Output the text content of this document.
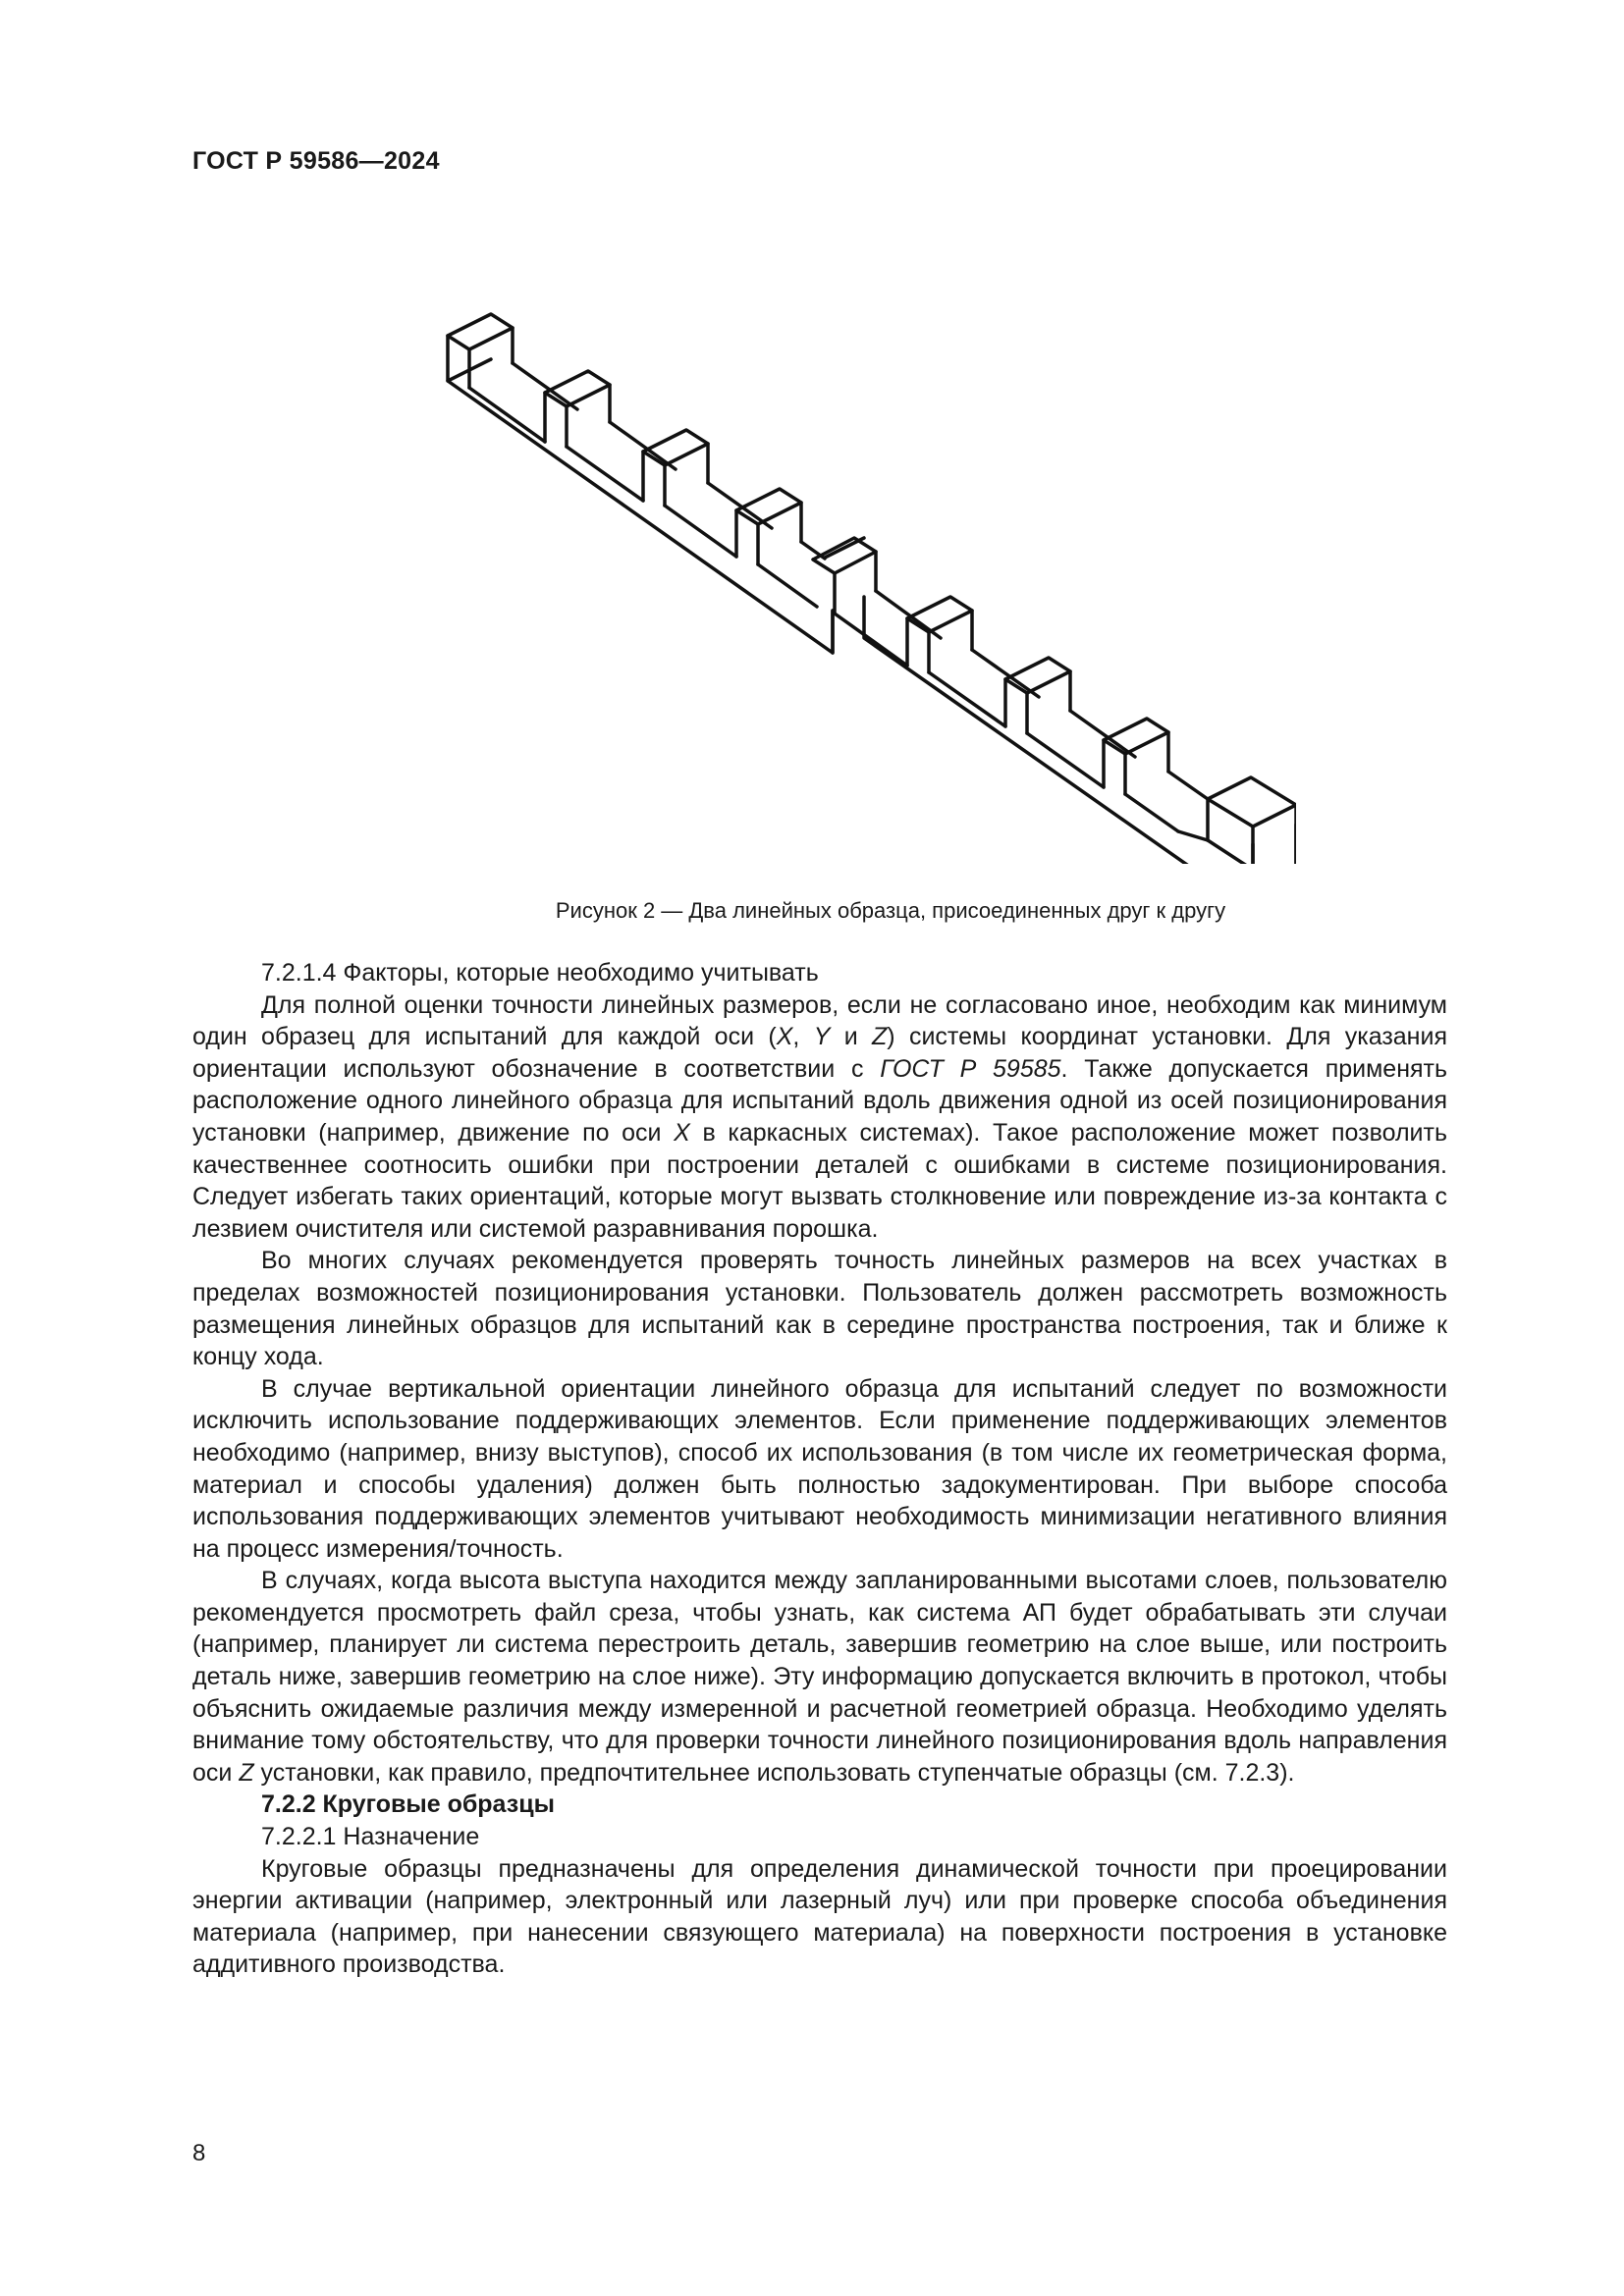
ГОСТ Р 59586—2024
Рисунок 2 — Два линейных образца, присоединенных друг к другу

7.2.1.4 Факторы, которые необходимо учитывать

Для полной оценки точности линейных размеров, если не согласовано иное, необходим как минимум один образец для испытаний для каждой оси (X, Y и Z) системы координат установки. Для указания ориентации используют обозначение в соответствии с ГОСТ Р 59585. Также допускается применять расположение одного линейного образца для испытаний вдоль движения одной из осей позиционирования установки (например, движение по оси X в каркасных системах). Такое расположение может позволить качественнее соотносить ошибки при построении деталей с ошибками в системе позиционирования. Следует избегать таких ориентаций, которые могут вызвать столкновение или повреждение из-за контакта с лезвием очистителя или системой разравнивания порошка.

Во многих случаях рекомендуется проверять точность линейных размеров на всех участках в пределах возможностей позиционирования установки. Пользователь должен рассмотреть возможность размещения линейных образцов для испытаний как в середине пространства построения, так и ближе к концу хода.

В случае вертикальной ориентации линейного образца для испытаний следует по возможности исключить использование поддерживающих элементов. Если применение поддерживающих элементов необходимо (например, внизу выступов), способ их использования (в том числе их геометрическая форма, материал и способы удаления) должен быть полностью задокументирован. При выборе способа использования поддерживающих элементов учитывают необходимость минимизации негативного влияния на процесс измерения/точность.

В случаях, когда высота выступа находится между запланированными высотами слоев, пользователю рекомендуется просмотреть файл среза, чтобы узнать, как система АП будет обрабатывать эти случаи (например, планирует ли система перестроить деталь, завершив геометрию на слое выше, или построить деталь ниже, завершив геометрию на слое ниже). Эту информацию допускается включить в протокол, чтобы объяснить ожидаемые различия между измеренной и расчетной геометрией образца. Необходимо уделять внимание тому обстоятельству, что для проверки точности линейного позиционирования вдоль направления оси Z установки, как правило, предпочтительнее использовать ступенчатые образцы (см. 7.2.3).

7.2.2 Круговые образцы

7.2.2.1 Назначение

Круговые образцы предназначены для определения динамической точности при проецировании энергии активации (например, электронный или лазерный луч) или при проверке способа объединения материала (например, при нанесении связующего материала) на поверхности построения в установке аддитивного производства.

8
